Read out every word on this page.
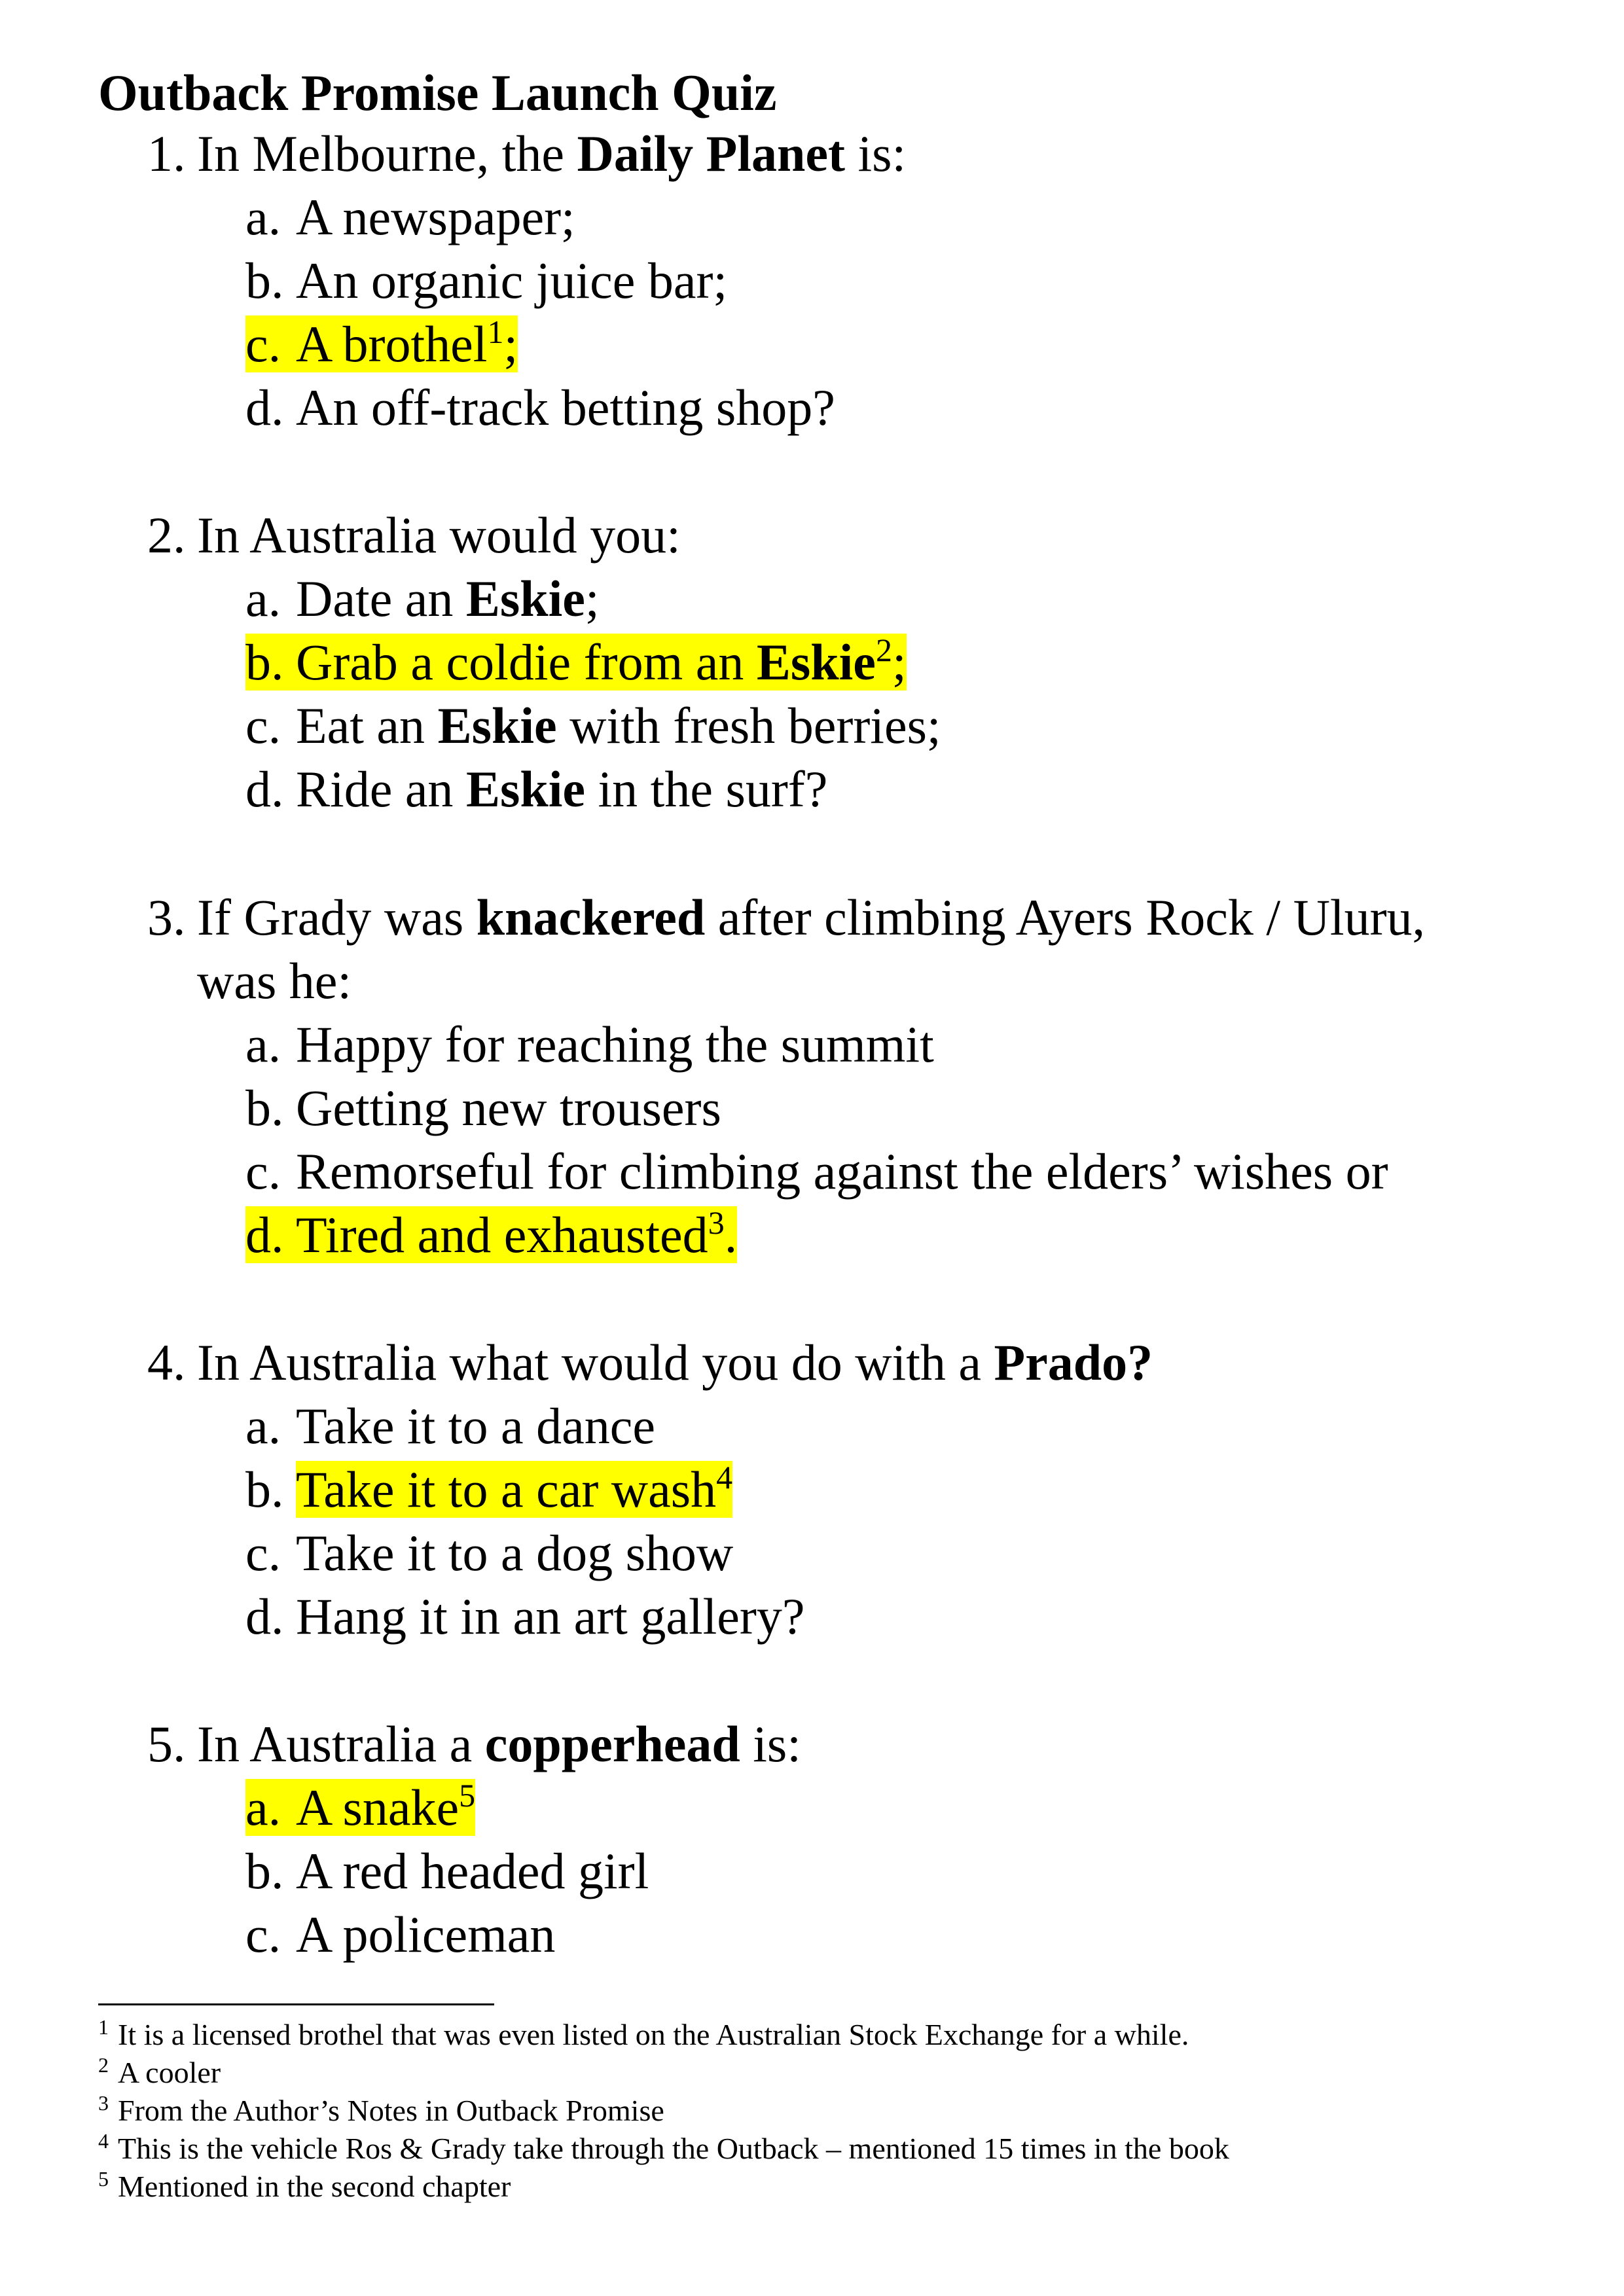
Outback Promise Launch Quiz
1. In Melbourne, the Daily Planet is:
a. A newspaper;
b. An organic juice bar;
c. A brothel$^1$;
d. An off-track betting shop?
2. In Australia would you:
a. Date an Eskie;
b. Grab a coldie from an Eskie$^2$;
c. Eat an Eskie with fresh berries;
d. Ride an Eskie in the surf?
3. If Grady was knackered after climbing Ayers Rock / Uluru,
was he:
a. Happy for reaching the summit
b. Getting new trousers
c. Remorseful for climbing against the elders’ wishes or
d. Tired and exhausted$^3$.
4. In Australia what would you do with a Prado?
a. Take it to a dance
b. Take it to a car wash$^4$
c. Take it to a dog show
d. Hang it in an art gallery?
5. In Australia a copperhead is:
a. A snake$^5$
b. A red headed girl
c. A policeman
$^1$ It is a licensed brothel that was even listed on the Australian Stock Exchange for a while.
$^2$ A cooler
$^3$ From the Author’s Notes in Outback Promise
$^4$ This is the vehicle Ros & Grady take through the Outback – mentioned 15 times in the book
$^5$ Mentioned in the second chapter
